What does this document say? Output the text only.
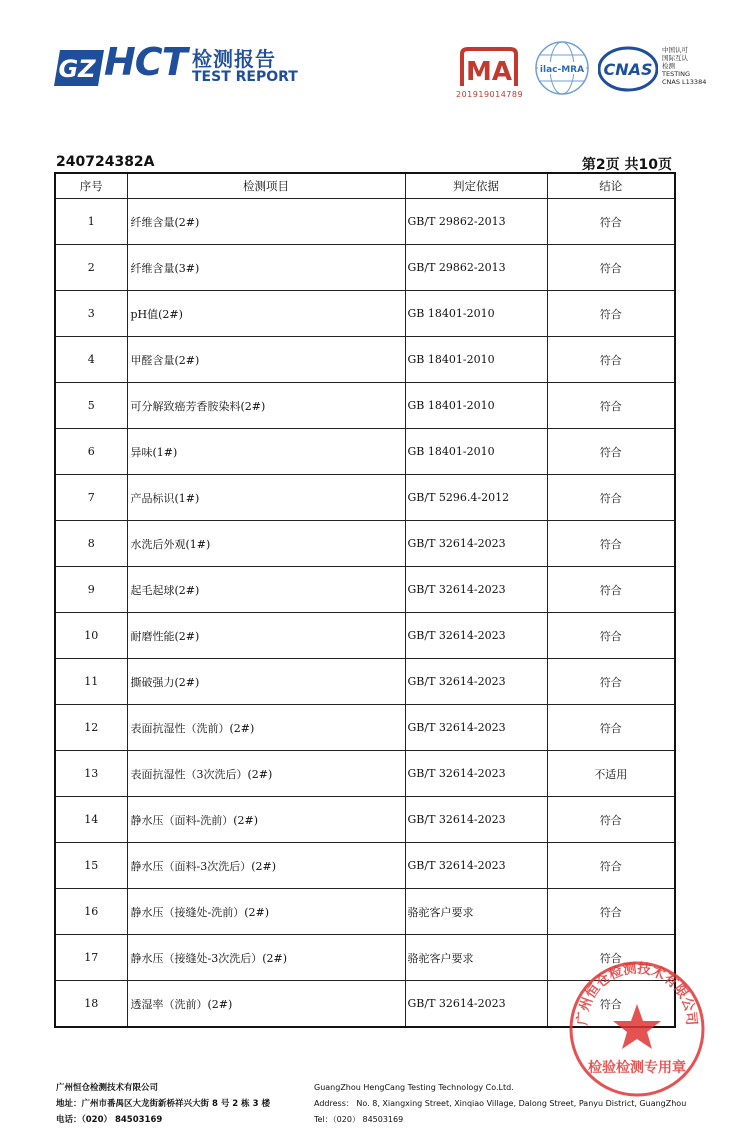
GZ HCT 检测报告
TEST REPORT	MA
201919014789
ilac-MRA CNAS
中国认可
国际互认
检测
TESTING
CNAS L13384
240724382A	第2页 共10页
序号	检测项目	判定依据	结论
1	纤维含量(2#)	GB/T 29862-2013	符合
2	纤维含量(3#)	GB/T 29862-2013	符合
3	pH值(2#)	GB 18401-2010	符合
4	甲醛含量(2#)	GB 18401-2010	符合
5	可分解致癌芳香胺染料(2#)	GB 18401-2010	符合
6	异味(1#)	GB 18401-2010	符合
7	产品标识(1#)	GB/T 5296.4-2012	符合
8	水洗后外观(1#)	GB/T 32614-2023	符合
9	起毛起球(2#)	GB/T 32614-2023	符合
10	耐磨性能(2#)	GB/T 32614-2023	符合
11	撕破强力(2#)	GB/T 32614-2023	符合
12	表面抗湿性（洗前）(2#)	GB/T 32614-2023	符合
13	表面抗湿性（3次洗后）(2#)	GB/T 32614-2023	不适用
14	静水压（面料-洗前）(2#)	GB/T 32614-2023	符合
15	静水压（面料-3次洗后）(2#)	GB/T 32614-2023	符合
16	静水压（接缝处-洗前）(2#)	骆驼客户要求	符合
17	静水压（接缝处-3次洗后）(2#)	骆驼客户要求	符合
18	透湿率（洗前）(2#)	GB/T 32614-2023	符合
广州恒仓检测技术有限公司
检验检测专用章
广州恒仓检测技术有限公司
地址：广州市番禺区大龙街新桥祥兴大街 8 号 2 栋 3 楼
电话：（020） 84503169
GuangZhou HengCang Testing Technology Co.Ltd.
Address： No. 8, Xiangxing Street, Xinqiao Village, Dalong Street, Panyu District, GuangZhou
Tel：（020） 84503169
